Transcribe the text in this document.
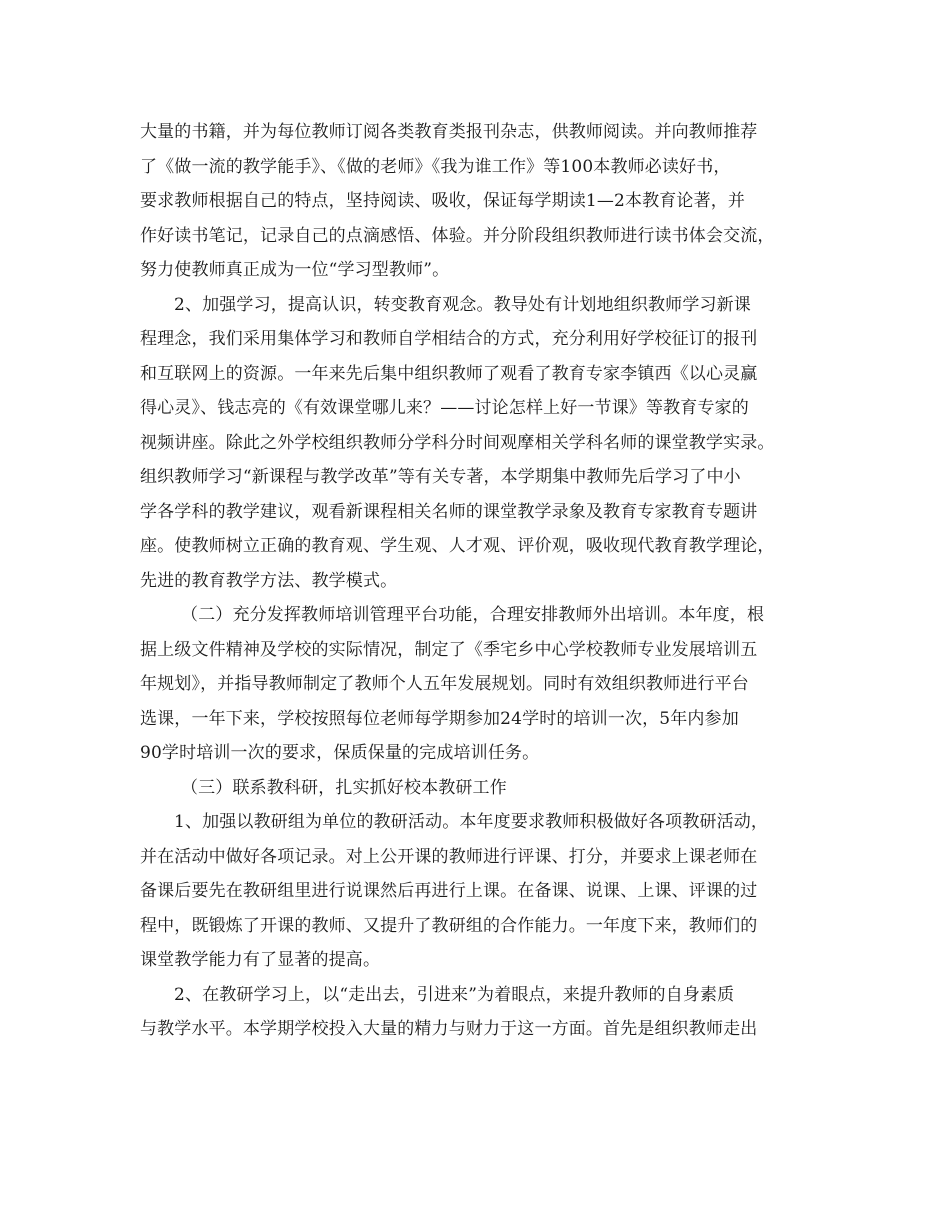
大量的书籍，并为每位教师订阅各类教育类报刊杂志，供教师阅读。并向教师推荐
了《做一流的教学能手》、《做的老师》《我为谁工作》等100本教师必读好书，
要求教师根据自己的特点，坚持阅读、吸收，保证每学期读1—2本教育论著，并
作好读书笔记，记录自己的点滴感悟、体验。并分阶段组织教师进行读书体会交流，
努力使教师真正成为一位“学习型教师”。

2、加强学习，提高认识，转变教育观念。教导处有计划地组织教师学习新课
程理念，我们采用集体学习和教师自学相结合的方式，充分利用好学校征订的报刊
和互联网上的资源。一年来先后集中组织教师了观看了教育专家李镇西《以心灵赢
得心灵》、钱志亮的《有效课堂哪儿来？——讨论怎样上好一节课》等教育专家的
视频讲座。除此之外学校组织教师分学科分时间观摩相关学科名师的课堂教学实录。
组织教师学习“新课程与教学改革”等有关专著，本学期集中教师先后学习了中小
学各学科的教学建议，观看新课程相关名师的课堂教学录象及教育专家教育专题讲
座。使教师树立正确的教育观、学生观、人才观、评价观，吸收现代教育教学理论，
先进的教育教学方法、教学模式。

（二）充分发挥教师培训管理平台功能，合理安排教师外出培训。本年度，根
据上级文件精神及学校的实际情况，制定了《季宅乡中心学校教师专业发展培训五
年规划》，并指导教师制定了教师个人五年发展规划。同时有效组织教师进行平台
选课，一年下来，学校按照每位老师每学期参加24学时的培训一次，5年内参加
90学时培训一次的要求，保质保量的完成培训任务。

（三）联系教科研，扎实抓好校本教研工作

1、加强以教研组为单位的教研活动。本年度要求教师积极做好各项教研活动，
并在活动中做好各项记录。对上公开课的教师进行评课、打分，并要求上课老师在
备课后要先在教研组里进行说课然后再进行上课。在备课、说课、上课、评课的过
程中，既锻炼了开课的教师、又提升了教研组的合作能力。一年度下来，教师们的
课堂教学能力有了显著的提高。

2、在教研学习上，以“走出去，引进来”为着眼点，来提升教师的自身素质
与教学水平。本学期学校投入大量的精力与财力于这一方面。首先是组织教师走出
